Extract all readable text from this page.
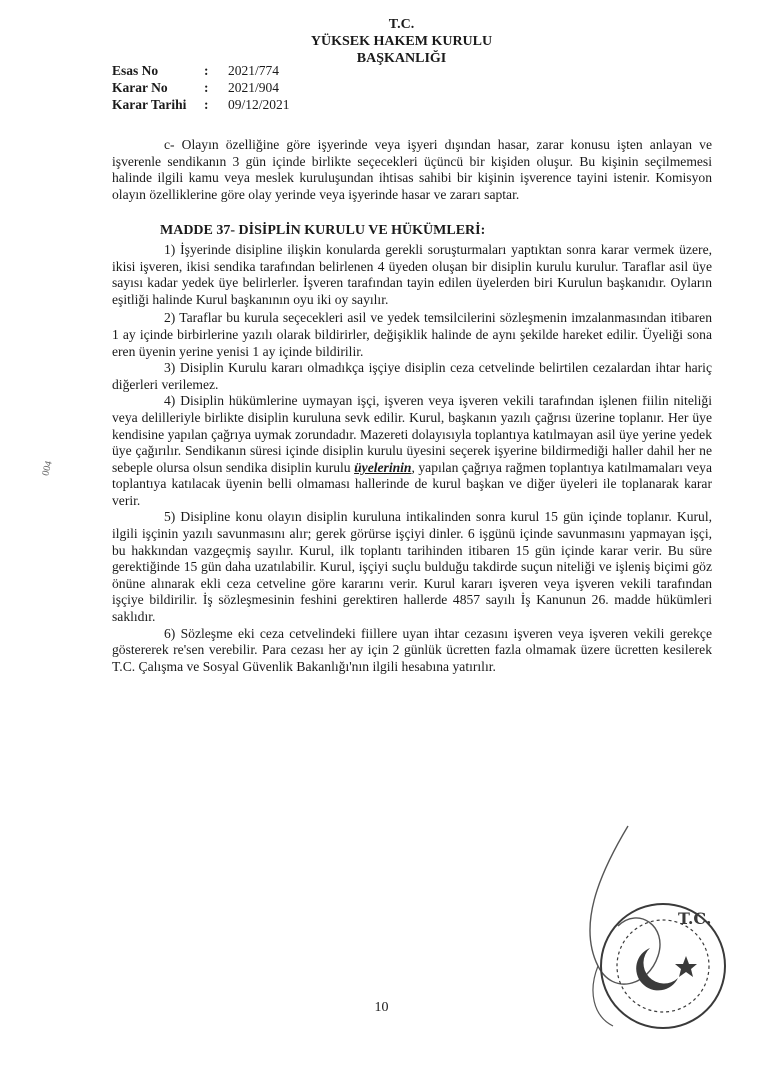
T.C.
YÜKSEK HAKEM KURULU
BAŞKANLIĞI
Esas No	:	2021/774
Karar No	:	2021/904
Karar Tarihi	:	09/12/2021

c- Olayın özelliğine göre işyerinde veya işyeri dışından hasar, zarar konusu işten anlayan ve işverenle sendikanın 3 gün içinde birlikte seçecekleri üçüncü bir kişiden oluşur. Bu kişinin seçilmemesi halinde ilgili kamu veya meslek kuruluşundan ihtisas sahibi bir kişinin işverence tayini istenir. Komisyon olayın özelliklerine göre olay yerinde veya işyerinde hasar ve zararı saptar.

MADDE 37- DİSİPLİN KURULU VE HÜKÜMLERİ:

1) İşyerinde disipline ilişkin konularda gerekli soruşturmaları yaptıktan sonra karar vermek üzere, ikisi işveren, ikisi sendika tarafından belirlenen 4 üyeden oluşan bir disiplin kurulu kurulur. Taraflar asil üye sayısı kadar yedek üye belirlerler. İşveren tarafından tayin edilen üyelerden biri Kurulun başkanıdır. Oyların eşitliği halinde Kurul başkanının oyu iki oy sayılır.

2) Taraflar bu kurula seçecekleri asil ve yedek temsilcilerini sözleşmenin imzalanmasından itibaren 1 ay içinde birbirlerine yazılı olarak bildirirler, değişiklik halinde de aynı şekilde hareket edilir. Üyeliği sona eren üyenin yerine yenisi 1 ay içinde bildirilir.

3) Disiplin Kurulu kararı olmadıkça işçiye disiplin ceza cetvelinde belirtilen cezalardan ihtar hariç diğerleri verilemez.

4) Disiplin hükümlerine uymayan işçi, işveren veya işveren vekili tarafından işlenen fiilin niteliği veya delilleriyle birlikte disiplin kuruluna sevk edilir. Kurul, başkanın yazılı çağrısı üzerine toplanır. Her üye kendisine yapılan çağrıya uymak zorundadır. Mazereti dolayısıyla toplantıya katılmayan asil üye yerine yedek üye çağırılır. Sendikanın süresi içinde disiplin kurulu üyesini seçerek işyerine bildirmediği haller dahil her ne sebeple olursa olsun sendika disiplin kurulu üyelerinin, yapılan çağrıya rağmen toplantıya katılmamaları veya toplantıya katılacak üyenin belli olmaması hallerinde de kurul başkan ve diğer üyeleri ile toplanarak karar verir.

5) Disipline konu olayın disiplin kuruluna intikalinden sonra kurul 15 gün içinde toplanır. Kurul, ilgili işçinin yazılı savunmasını alır; gerek görürse işçiyi dinler. 6 işgünü içinde savunmasını yapmayan işçi, bu hakkından vazgeçmiş sayılır. Kurul, ilk toplantı tarihinden itibaren 15 gün içinde karar verir. Bu süre gerektiğinde 15 gün daha uzatılabilir. Kurul, işçiyi suçlu bulduğu takdirde suçun niteliği ve işleniş biçimi göz önüne alınarak ekli ceza cetveline göre kararını verir. Kurul kararı işveren veya işveren vekili tarafından işçiye bildirilir. İş sözleşmesinin feshini gerektiren hallerde 4857 sayılı İş Kanunun 26. madde hükümleri saklıdır.

6) Sözleşme eki ceza cetvelindeki fiillere uyan ihtar cezasını işveren veya işveren vekili gerekçe göstererek re'sen verebilir. Para cezası her ay için 2 günlük ücretten fazla olmamak üzere ücretten kesilerek T.C. Çalışma ve Sosyal Güvenlik Bakanlığı'nın ilgili hesabına yatırılır.

004
10
T.C.
